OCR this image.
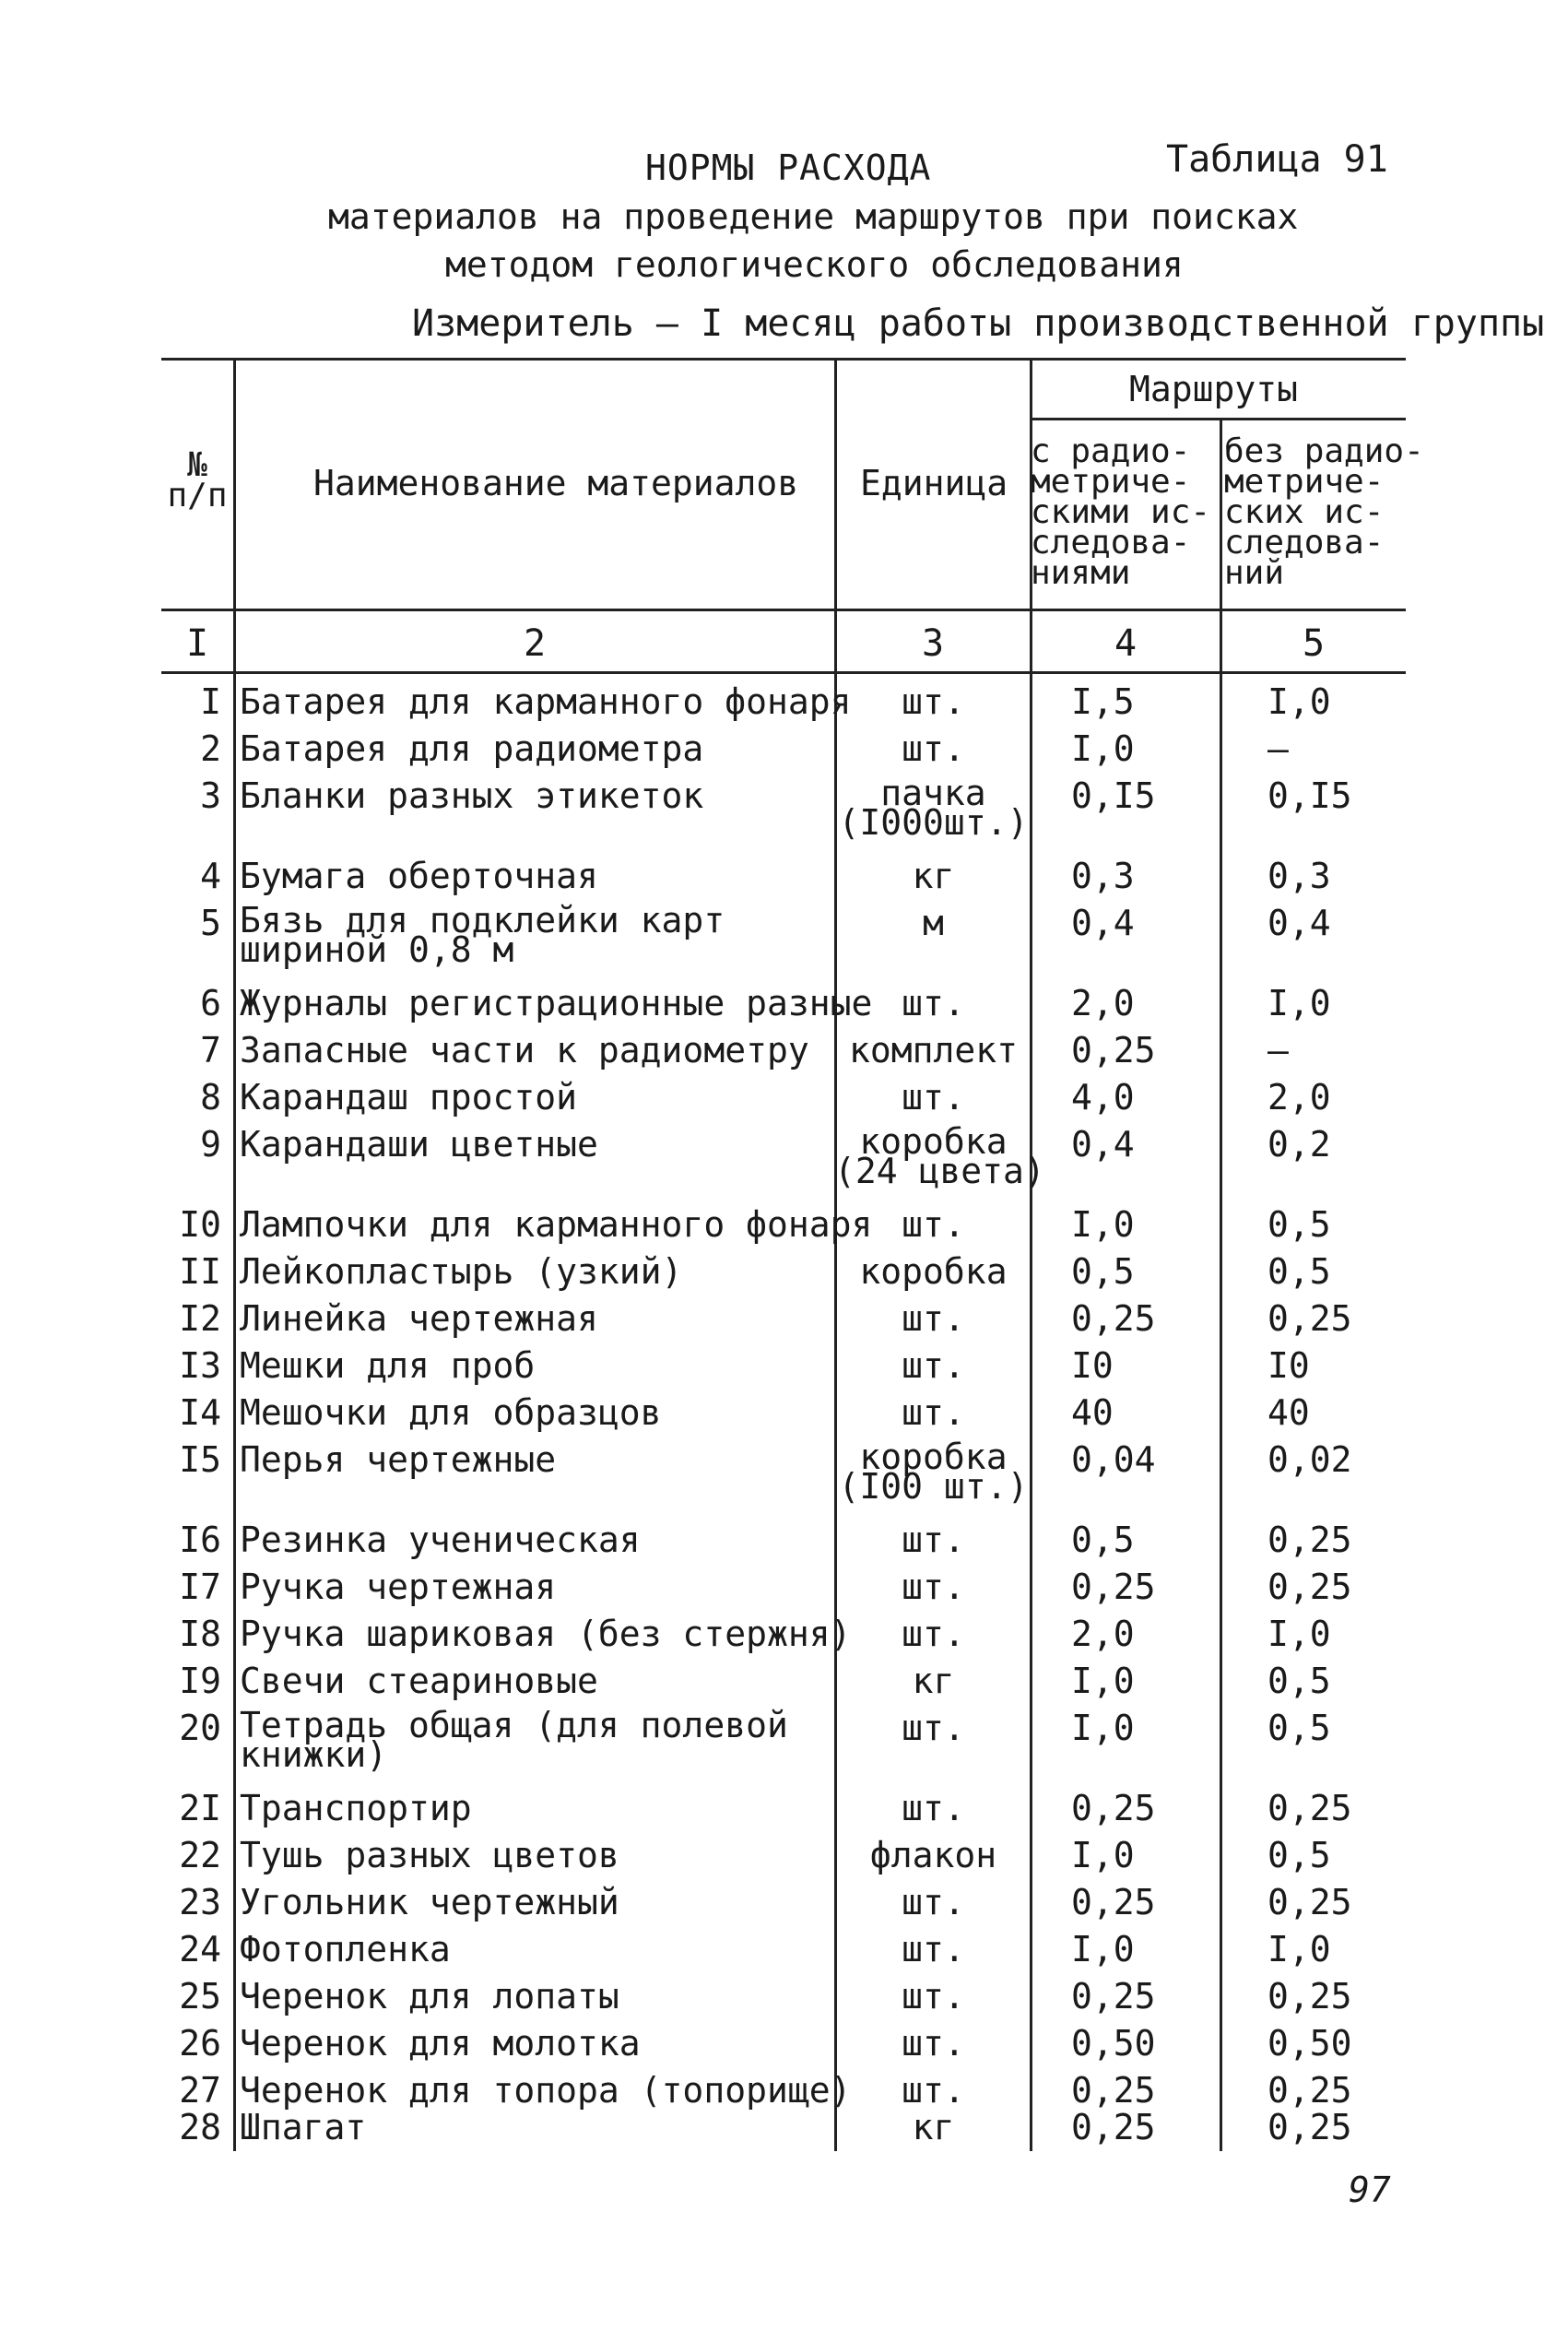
НОРМЫ РАСХОДА	Таблица 91
материалов на проведение маршрутов при поисках
методом геологического обследования
Измеритель – I месяц работы производственной группы
№
п/п Наименование материалов Единица
Маршруты
с радио-
метриче-
скими ис-
следова-
ниями
без радио-
метриче-
ских ис-
следова-
ний
I	2	3	4	5
I Батарея для карманного фонаря	шт.	I,5	I,0
2 Батарея для радиометра	шт.	I,0	–
3 Бланки разных этикеток	пачка
(I000шт.)
0,I5	0,I5
4 Бумага оберточная	кг	0,3	0,3
5 Бязь для подклейки карт
шириной 0,8 м
м	0,4	0,4
6 Журналы регистрационные разные шт.	2,0	I,0
7 Запасные части к радиометру	комплект	0,25	–
8 Карандаш простой	шт.	4,0	2,0
9 Карандаши цветные	коробка
(24 цвета)
0,4	0,2
I0 Лампочки для карманного фонаря шт.	I,0	0,5
II Лейкопластырь (узкий)	коробка	0,5	0,5
I2 Линейка чертежная	шт.	0,25	0,25
I3 Мешки для проб	шт.	I0	I0
I4 Мешочки для образцов	шт.	40	40
I5 Перья чертежные	коробка
(I00 шт.)
0,04	0,02
I6 Резинка ученическая	шт.	0,5	0,25
I7 Ручка чертежная	шт.	0,25	0,25
I8 Ручка шариковая (без стержня)	шт.	2,0	I,0
I9 Свечи стеариновые	кг	I,0	0,5
20 Тетрадь общая (для полевой
книжки)
шт.	I,0	0,5
2I Транспортир	шт.	0,25	0,25
22 Тушь разных цветов	флакон	I,0	0,5
23 Угольник чертежный	шт.	0,25	0,25
24 Фотопленка	шт.	I,0	I,0
25 Черенок для лопаты	шт.	0,25	0,25
26 Черенок для молотка	шт.	0,50	0,50
27 Черенок для топора (топорище)	шт.	0,25	0,25
28 Шпагат	кг	0,25	0,25
97
